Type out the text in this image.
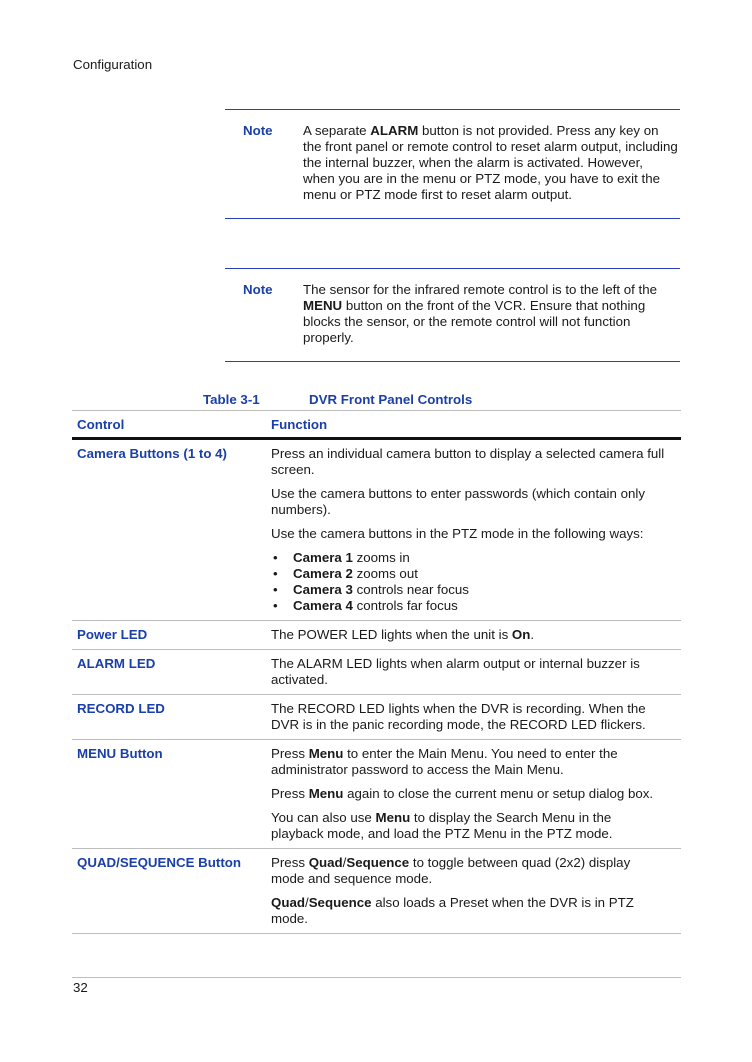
Configuration
Note A separate ALARM button is not provided. Press any key on the front panel or remote control to reset alarm output, including the internal buzzer, when the alarm is activated. However, when you are in the menu or PTZ mode, you have to exit the menu or PTZ mode first to reset alarm output.
Note The sensor for the infrared remote control is to the left of the MENU button on the front of the VCR. Ensure that nothing blocks the sensor, or the remote control will not function properly.
Table 3-1	DVR Front Panel Controls
Control	Function
Camera Buttons (1 to 4)	Press an individual camera button to display a selected camera full screen.

Use the camera buttons to enter passwords (which contain only numbers).

Use the camera buttons in the PTZ mode in the following ways:

• Camera 1 zooms in
• Camera 2 zooms out
• Camera 3 controls near focus
• Camera 4 controls far focus

Power LED	The POWER LED lights when the unit is On.
ALARM LED	The ALARM LED lights when alarm output or internal buzzer is activated.
RECORD LED	The RECORD LED lights when the DVR is recording. When the DVR is in the panic recording mode, the RECORD LED flickers.
MENU Button	Press Menu to enter the Main Menu. You need to enter the administrator password to access the Main Menu.

Press Menu again to close the current menu or setup dialog box.

You can also use Menu to display the Search Menu in the playback mode, and load the PTZ Menu in the PTZ mode.

QUAD/SEQUENCE Button Press Quad/Sequence to toggle between quad (2x2) display mode and sequence mode.

Quad/Sequence also loads a Preset when the DVR is in PTZ mode.

32
